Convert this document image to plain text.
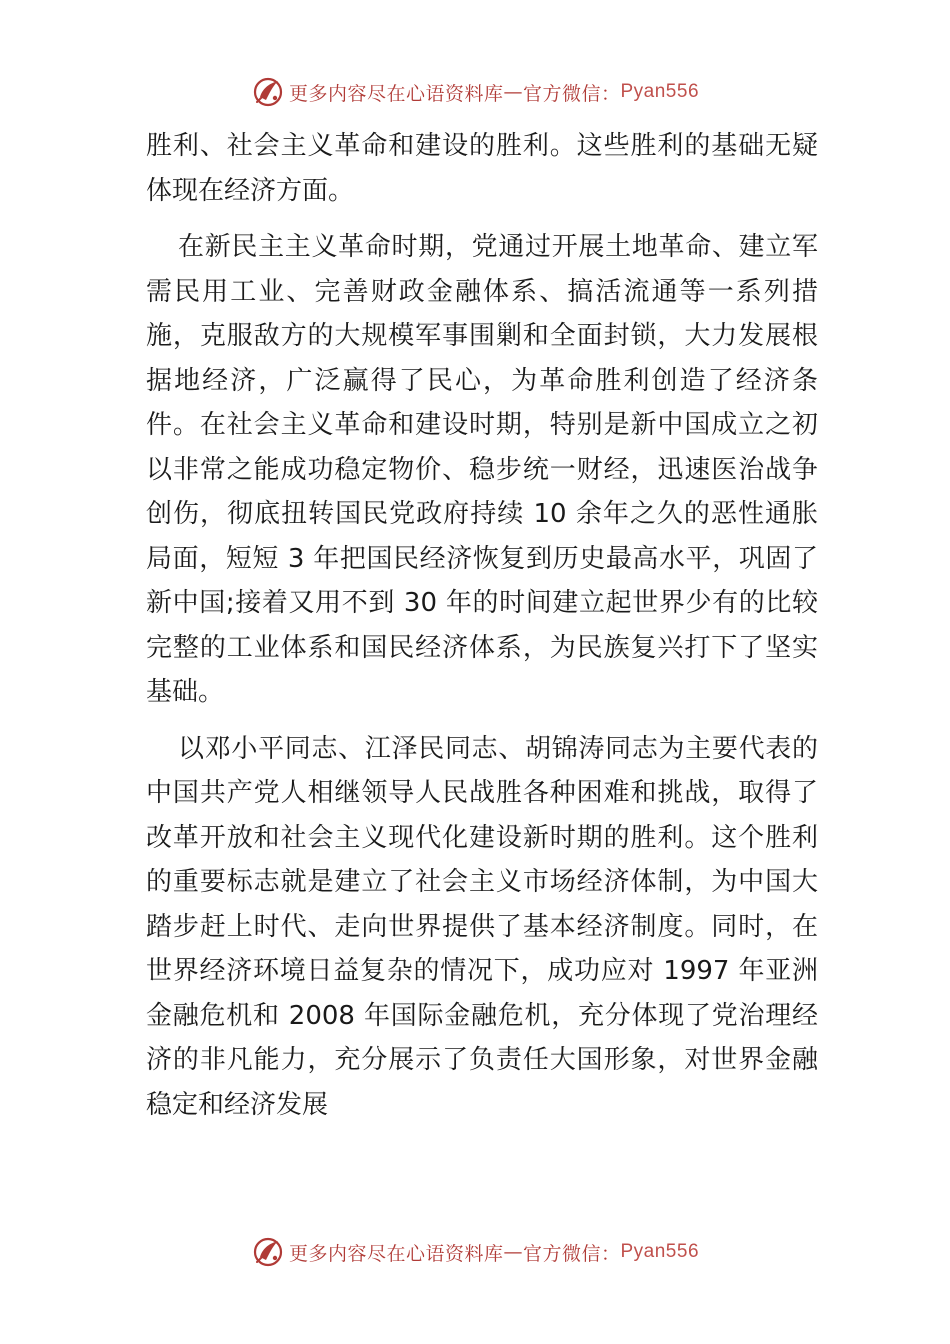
更多内容尽在心语资料库 — 官方微信： Pyan556

胜利、社会主义革命和建设的胜利。这些胜利的基础无疑体现在经济方面。

在新民主主义革命时期，党通过开展土地革命、建立军需民用工业、完善财政金融体系、搞活流通等一系列措施，克服敌方的大规模军事围剿和全面封锁，大力发展根据地经济，广泛赢得了民心，为革命胜利创造了经济条件。在社会主义革命和建设时期，特别是新中国成立之初以非常之能成功稳定物价、稳步统一财经，迅速医治战争创伤，彻底扭转国民党政府持续 10 余年之久的恶性通胀局面，短短 3 年把国民经济恢复到历史最高水平，巩固了新中国;接着又用不到 30 年的时间建立起世界少有的比较完整的工业体系和国民经济体系，为民族复兴打下了坚实基础。

以邓小平同志、江泽民同志、胡锦涛同志为主要代表的中国共产党人相继领导人民战胜各种困难和挑战，取得了改革开放和社会主义现代化建设新时期的胜利。这个胜利的重要标志就是建立了社会主义市场经济体制，为中国大踏步赶上时代、走向世界提供了基本经济制度。同时，在世界经济环境日益复杂的情况下，成功应对 1997 年亚洲金融危机和 2008 年国际金融危机，充分体现了党治理经济的非凡能力，充分展示了负责任大国形象，对世界金融稳定和经济发展

更多内容尽在心语资料库 — 官方微信： Pyan556
